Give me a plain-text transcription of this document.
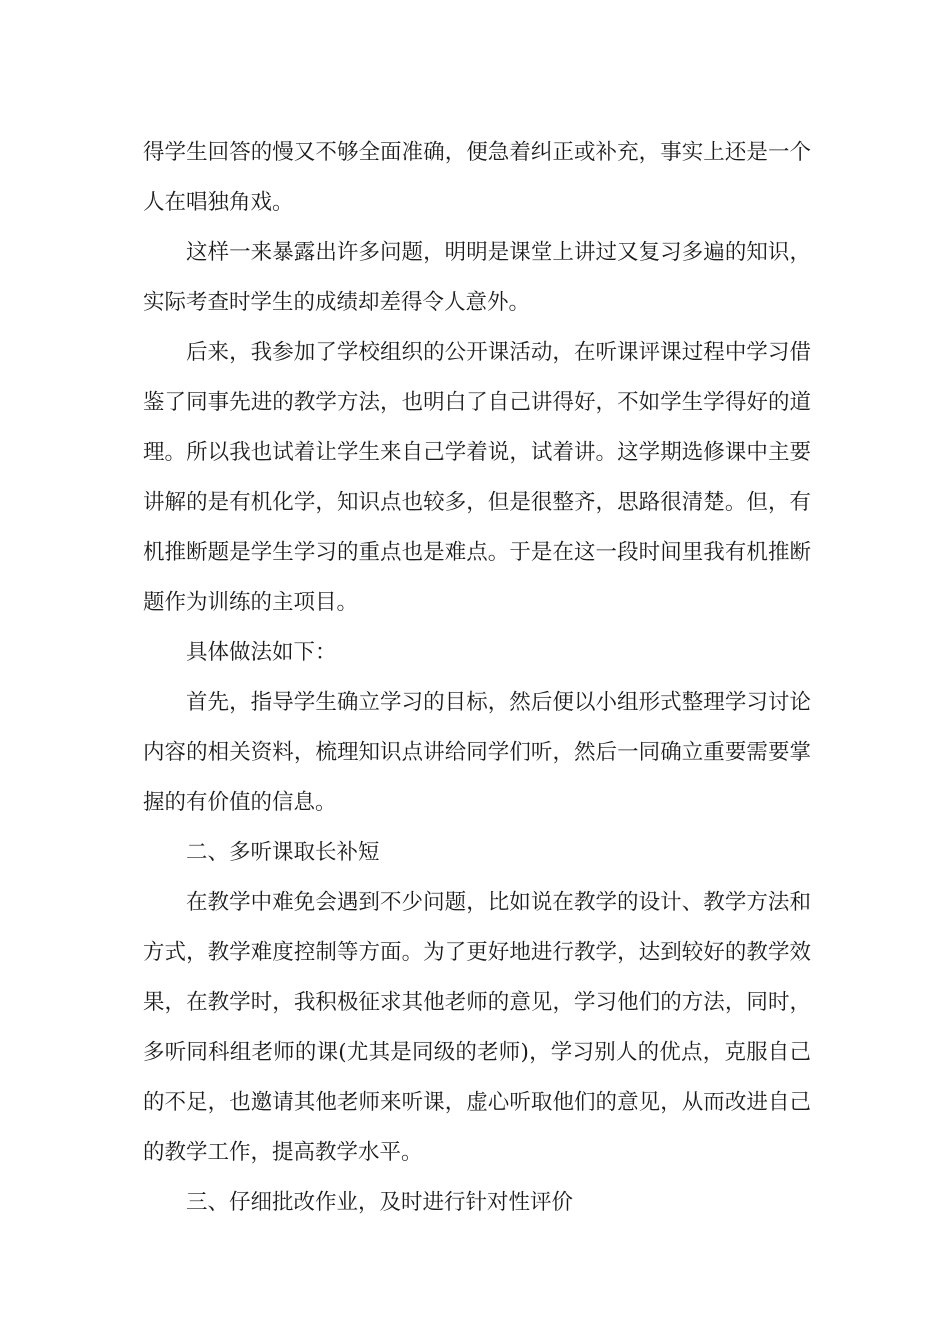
得学生回答的慢又不够全面准确，便急着纠正或补充，事实上还是一个人在唱独角戏。

这样一来暴露出许多问题，明明是课堂上讲过又复习多遍的知识，实际考查时学生的成绩却差得令人意外。

后来，我参加了学校组织的公开课活动，在听课评课过程中学习借鉴了同事先进的教学方法，也明白了自己讲得好，不如学生学得好的道理。所以我也试着让学生来自己学着说，试着讲。这学期选修课中主要讲解的是有机化学，知识点也较多，但是很整齐，思路很清楚。但，有机推断题是学生学习的重点也是难点。于是在这一段时间里我有机推断题作为训练的主项目。

具体做法如下：

首先，指导学生确立学习的目标，然后便以小组形式整理学习讨论内容的相关资料，梳理知识点讲给同学们听，然后一同确立重要需要掌握的有价值的信息。

二、多听课取长补短

在教学中难免会遇到不少问题，比如说在教学的设计、教学方法和方式，教学难度控制等方面。为了更好地进行教学，达到较好的教学效果，在教学时，我积极征求其他老师的意见，学习他们的方法，同时，多听同科组老师的课(尤其是同级的老师)，学习别人的优点，克服自己的不足，也邀请其他老师来听课，虚心听取他们的意见，从而改进自己的教学工作，提高教学水平。

三、仔细批改作业，及时进行针对性评价
